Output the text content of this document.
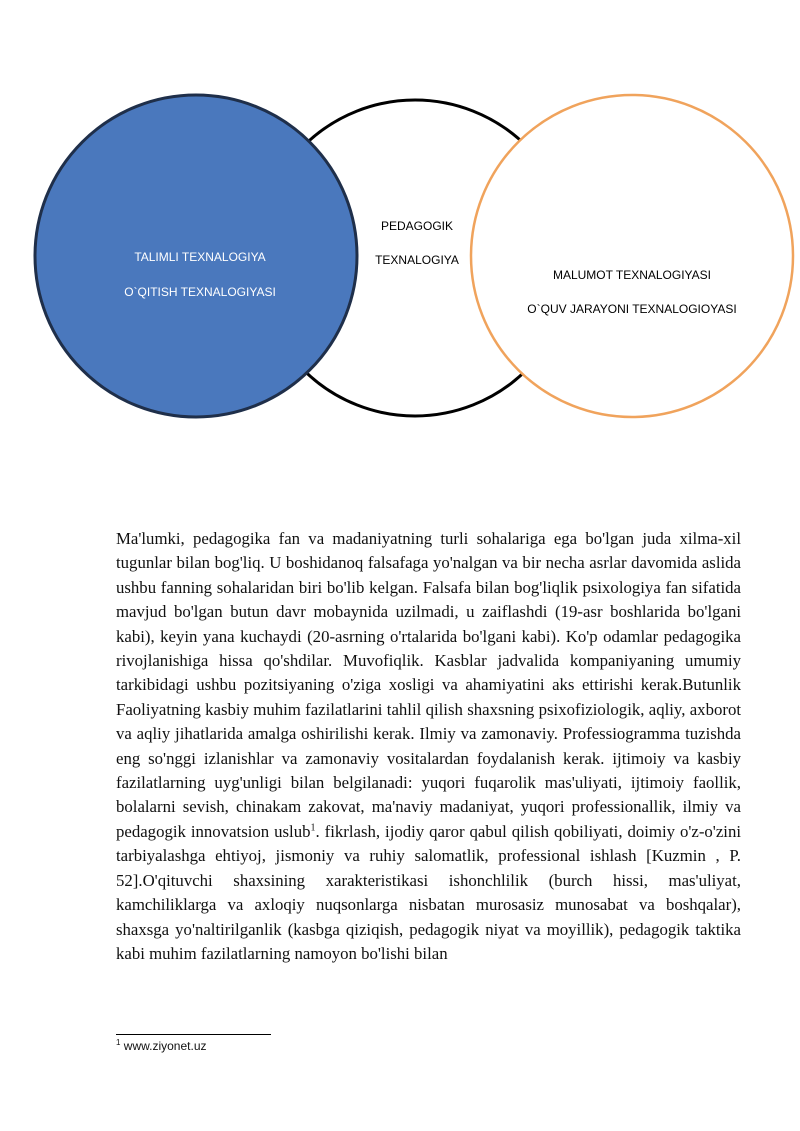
TALIMLI TEXNALOGIYA
O`QITISH TEXNALOGIYASI
PEDAGOGIK
TEXNALOGIYA
MALUMOT TEXNALOGIYASI
O`QUV JARAYONI TEXNALOGIOYASI

Ma'lumki, pedagogika fan va madaniyatning turli sohalariga ega bo'lgan juda xilma-xil tugunlar bilan bog'liq. U boshidanoq falsafaga yo'nalgan va bir necha asrlar davomida aslida ushbu fanning sohalaridan biri bo'lib kelgan. Falsafa bilan bog'liqlik psixologiya fan sifatida mavjud bo'lgan butun davr mobaynida uzilmadi, u zaiflashdi (19-asr boshlarida bo'lgani kabi), keyin yana kuchaydi (20-asrning o'rtalarida bo'lgani kabi). Ko'p odamlar pedagogika rivojlanishiga hissa qo'shdilar. Muvofiqlik. Kasblar jadvalida kompaniyaning umumiy tarkibidagi ushbu pozitsiyaning o'ziga xosligi va ahamiyatini aks ettirishi kerak.Butunlik Faoliyatning kasbiy muhim fazilatlarini tahlil qilish shaxsning psixofiziologik, aqliy, axborot va aqliy jihatlarida amalga oshirilishi kerak. Ilmiy va zamonaviy. Professiogramma tuzishda eng so'nggi izlanishlar va zamonaviy vositalardan foydalanish kerak. ijtimoiy va kasbiy fazilatlarning uyg'unligi bilan belgilanadi: yuqori fuqarolik mas'uliyati, ijtimoiy faollik, bolalarni sevish, chinakam zakovat, ma'naviy madaniyat, yuqori professionallik, ilmiy va pedagogik innovatsion uslub$^1$. fikrlash, ijodiy qaror qabul qilish qobiliyati, doimiy o'z-o'zini tarbiyalashga ehtiyoj, jismoniy va ruhiy salomatlik, professional ishlash [Kuzmin , P. 52].O'qituvchi shaxsining xarakteristikasi ishonchlilik (burch hissi, mas'uliyat, kamchiliklarga va axloqiy nuqsonlarga nisbatan murosasiz munosabat va boshqalar), shaxsga yo'naltirilganlik (kasbga qiziqish, pedagogik niyat va moyillik), pedagogik taktika kabi muhim fazilatlarning namoyon bo'lishi bilan

$^1$ www.ziyonet.uz
